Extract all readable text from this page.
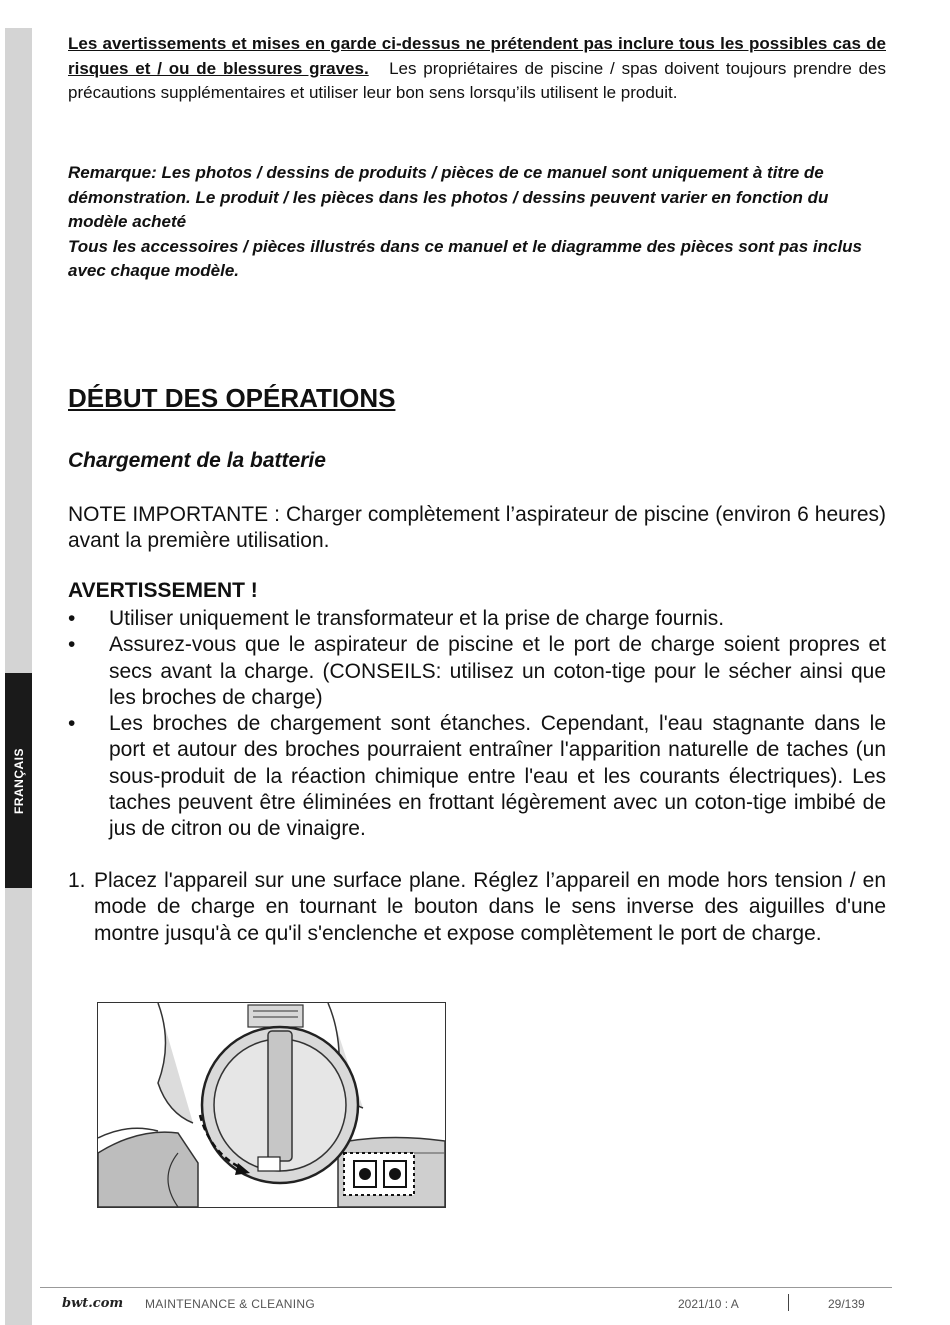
FRANÇAIS
Les avertissements et mises en garde ci-dessus ne prétendent pas inclure tous les possibles cas de risques et / ou de blessures graves. Les propriétaires de piscine / spas doivent toujours prendre des précautions supplémentaires et utiliser leur bon sens lorsqu’ils utilisent le produit.

Remarque: Les photos / dessins de produits / pièces de ce manuel sont uniquement à titre de démonstration. Le produit / les pièces dans les photos / dessins peuvent varier en fonction du modèle acheté

Tous les accessoires / pièces illustrés dans ce manuel et le diagramme des pièces sont pas inclus avec chaque modèle.

DÉBUT DES OPÉRATIONS
Chargement de la batterie
NOTE IMPORTANTE : Charger complètement l’aspirateur de piscine (environ 6 heures) avant la première utilisation.
AVERTISSEMENT !
• Utiliser uniquement le transformateur et la prise de charge fournis.
• Assurez-vous que le aspirateur de piscine et le port de charge soient propres et secs avant la charge. (CONSEILS: utilisez un coton-tige pour le sécher ainsi que les broches de charge)
• Les broches de chargement sont étanches. Cependant, l'eau stagnante dans le port et autour des broches pourraient entraîner l'apparition naturelle de taches (un sous-produit de la réaction chimique entre l'eau et les courants électriques). Les taches peuvent être éliminées en frottant légèrement avec un coton-tige imbibé de jus de citron ou de vinaigre.
1. Placez l'appareil sur une surface plane. Réglez l’appareil en mode hors tension / en mode de charge en tournant le bouton dans le sens inverse des aiguilles d'une montre jusqu'à ce qu'il s'enclenche et expose complètement le port de charge.
bwt.com MAINTENANCE & CLEANING	2021/10 : A	29/139
